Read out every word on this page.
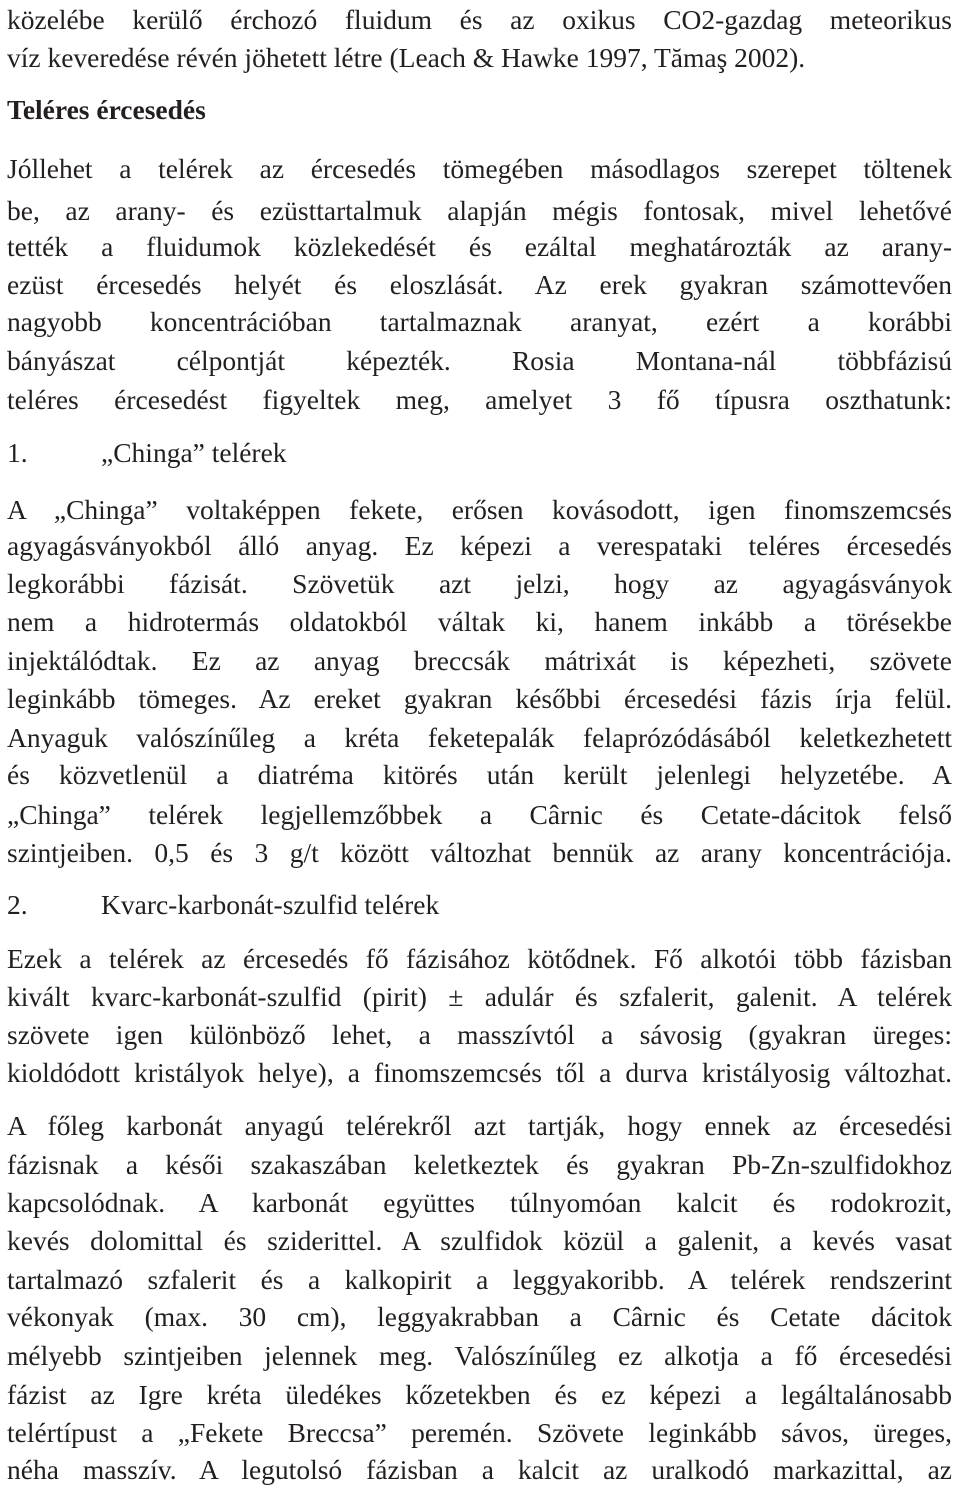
közelébe kerülő érchozó fluidum és az oxikus CO2-gazdag meteorikus
víz keveredése révén jöhetett létre (Leach & Hawke 1997, Tămaş 2002).
Teléres ércesedés
Jóllehet a telérek az ércesedés tömegében másodlagos szerepet töltenek
be, az arany- és ezüsttartalmuk alapján mégis fontosak, mivel lehetővé
tették a fluidumok közlekedését és ezáltal meghatározták az arany-
ezüst ércesedés helyét és eloszlását. Az erek gyakran számottevően
nagyobb koncentrációban tartalmaznak aranyat, ezért a korábbi
bányászat célpontját képezték. Rosia Montana-nál többfázisú
teléres ércesedést figyeltek meg, amelyet 3 fő típusra oszthatunk:
1.	„Chinga” telérek
A „Chinga” voltaképpen fekete, erősen kovásodott, igen finomszemcsés
agyagásványokból álló anyag. Ez képezi a verespataki teléres ércesedés
legkorábbi fázisát. Szövetük azt jelzi, hogy az agyagásványok
nem a hidrotermás oldatokból váltak ki, hanem inkább a törésekbe
injektálódtak. Ez az anyag breccsák mátrixát is képezheti, szövete
leginkább tömeges. Az ereket gyakran későbbi ércesedési fázis írja felül.
Anyaguk valószínűleg a kréta feketepalák felaprózódásából keletkezhetett
és közvetlenül a diatréma kitörés után került jelenlegi helyzetébe. A
„Chinga” telérek legjellemzőbbek a Cârnic és Cetate-dácitok felső
szintjeiben. 0,5 és 3 g/t között változhat bennük az arany koncentrációja.
2.	Kvarc-karbonát-szulfid telérek
Ezek a telérek az ércesedés fő fázisához kötődnek. Fő alkotói több fázisban
kivált kvarc-karbonát-szulfid (pirit) ± adulár és szfalerit, galenit. A telérek
szövete igen különböző lehet, a masszívtól a sávosig (gyakran üreges:
kioldódott kristályok helye), a finomszemcsés től a durva kristályosig változhat.
A főleg karbonát anyagú telérekről azt tartják, hogy ennek az ércesedési
fázisnak a késői szakaszában keletkeztek és gyakran Pb-Zn-szulfidokhoz
kapcsolódnak. A karbonát együttes túlnyomóan kalcit és rodokrozit,
kevés dolomittal és sziderittel. A szulfidok közül a galenit, a kevés vasat
tartalmazó szfalerit és a kalkopirit a leggyakoribb. A telérek rendszerint
vékonyak (max. 30 cm), leggyakrabban a Cârnic és Cetate dácitok
mélyebb szintjeiben jelennek meg. Valószínűleg ez alkotja a fő ércesedési
fázist az Igre kréta üledékes kőzetekben és ez képezi a legáltalánosabb
telértípust a „Fekete Breccsa” peremén. Szövete leginkább sávos, üreges,
néha masszív. A legutolsó fázisban a kalcit az uralkodó markazittal, az
